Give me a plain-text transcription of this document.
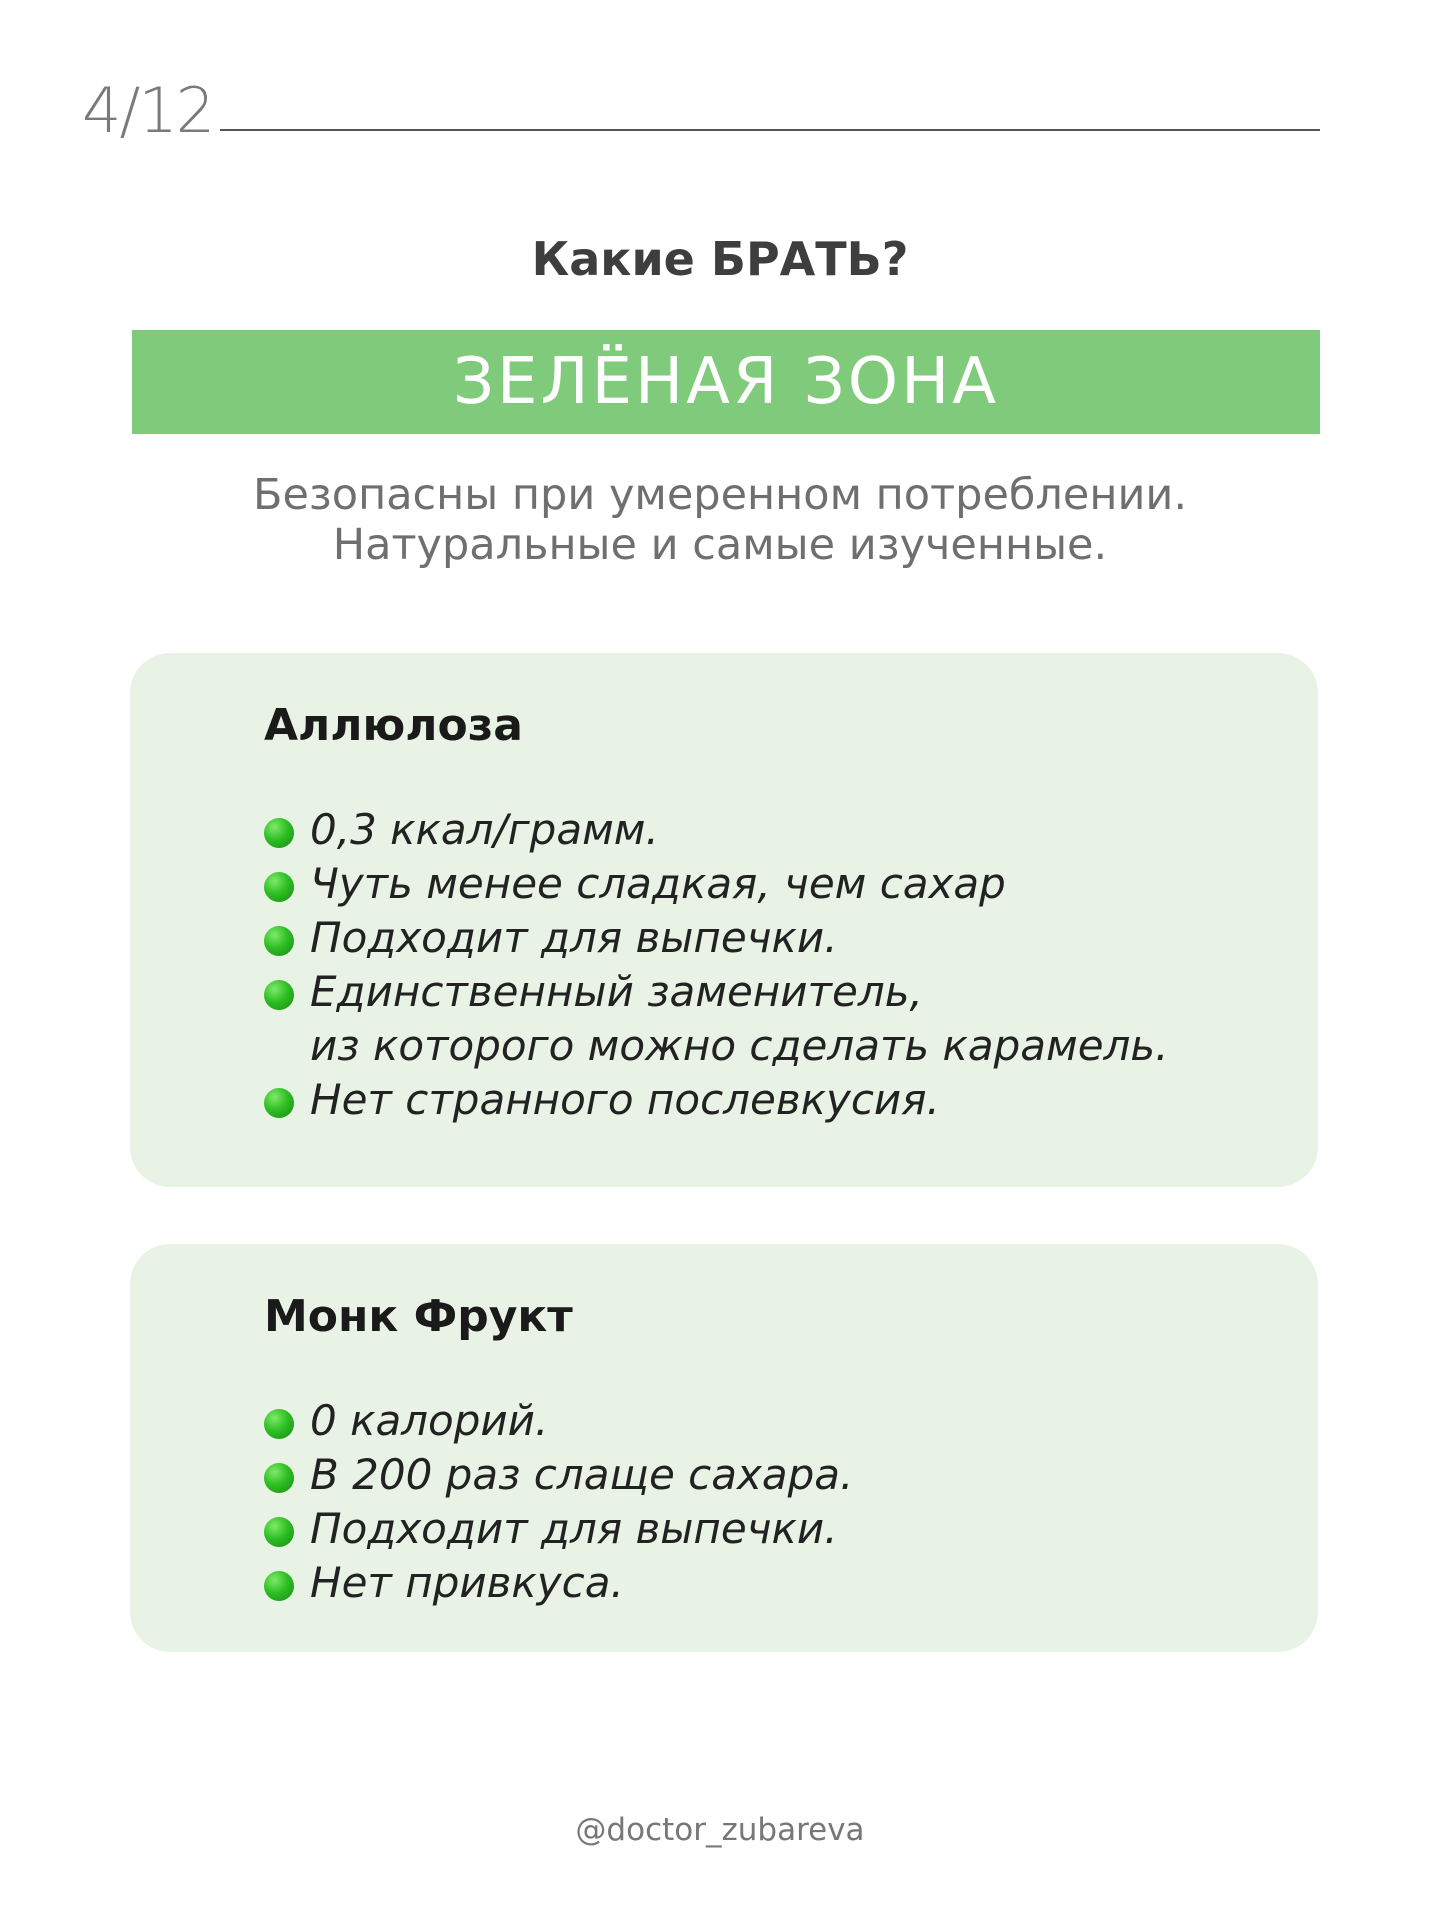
4/12
Какие БРАТЬ?
ЗЕЛЁНАЯ ЗОНА
Безопасны при умеренном потреблении.
Натуральные и самые изученные.
Аллюлоза
0,3 ккал/грамм.
Чуть менее сладкая, чем сахар
Подходит для выпечки.
Единственный заменитель,
из которого можно сделать карамель.
Нет странного послевкусия.
Монк Фрукт
0 калорий.
В 200 раз слаще сахара.
Подходит для выпечки.
Нет привкуса.
@doctor_zubareva
